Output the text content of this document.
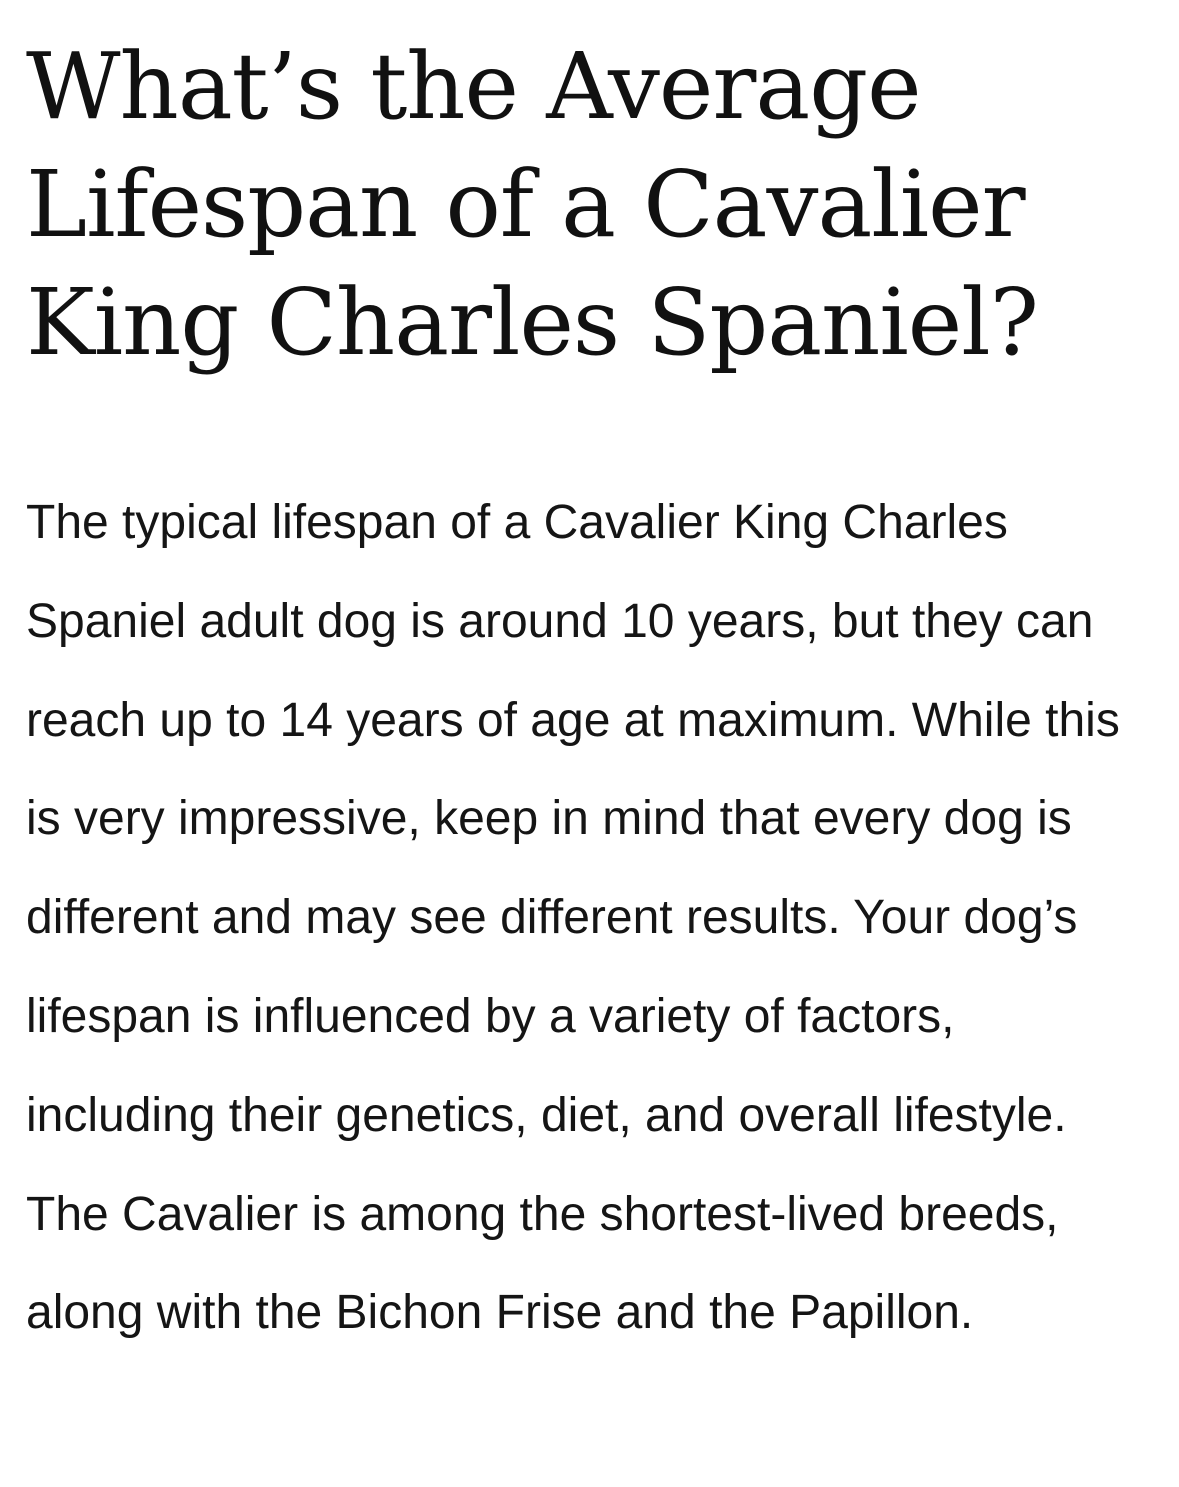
What’s the Average Lifespan of a Cavalier King Charles Spaniel?

The typical lifespan of a Cavalier King Charles Spaniel adult dog is around 10 years, but they can reach up to 14 years of age at maximum. While this is very impressive, keep in mind that every dog is different and may see different results. Your dog’s lifespan is influenced by a variety of factors, including their genetics, diet, and overall lifestyle. The Cavalier is among the shortest-lived breeds, along with the Bichon Frise and the Papillon.
